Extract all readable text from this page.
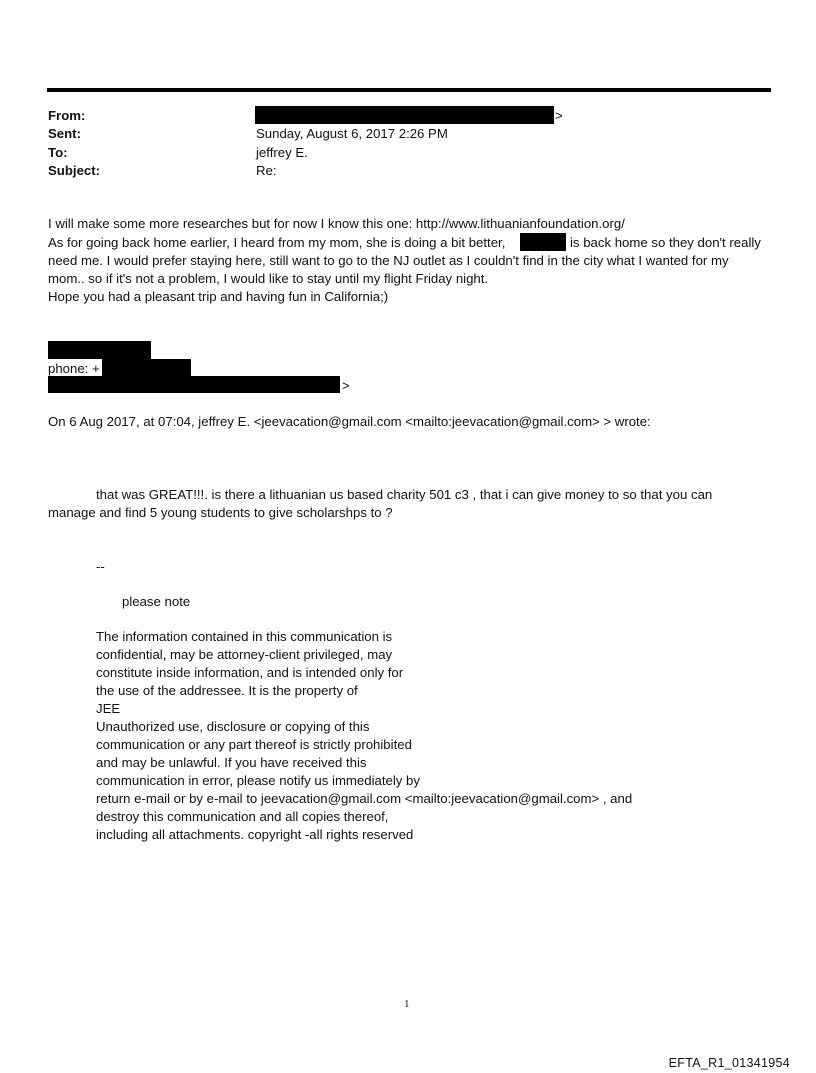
From:	>
Sent:	Sunday, August 6, 2017 2:26 PM
To:	jeffrey E.
Subject:	Re:
I will make some more researches but for now I know this one: http://www.lithuanianfoundation.org/
As for going back home earlier, I heard from my mom, she is doing a bit better,	is back home so they don't really
need me. I would prefer staying here, still want to go to the NJ outlet as I couldn't find in the city what I wanted for my
mom.. so if it's not a problem, I would like to stay until my flight Friday night.
Hope you had a pleasant trip and having fun in California;)
phone: +
>
On 6 Aug 2017, at 07:04, jeffrey E. <jeevacation@gmail.com <mailto:jeevacation@gmail.com> > wrote:
that was GREAT!!!. is there a lithuanian us based charity 501 c3 , that i can give money to so that you can
manage and find 5 young students to give scholarshps to ?
--
please note
The information contained in this communication is
confidential, may be attorney-client privileged, may
constitute inside information, and is intended only for
the use of the addressee. It is the property of
JEE
Unauthorized use, disclosure or copying of this
communication or any part thereof is strictly prohibited
and may be unlawful. If you have received this
communication in error, please notify us immediately by
return e-mail or by e-mail to jeevacation@gmail.com <mailto:jeevacation@gmail.com> , and
destroy this communication and all copies thereof,
including all attachments. copyright -all rights reserved
1
EFTA_R1_01341954
